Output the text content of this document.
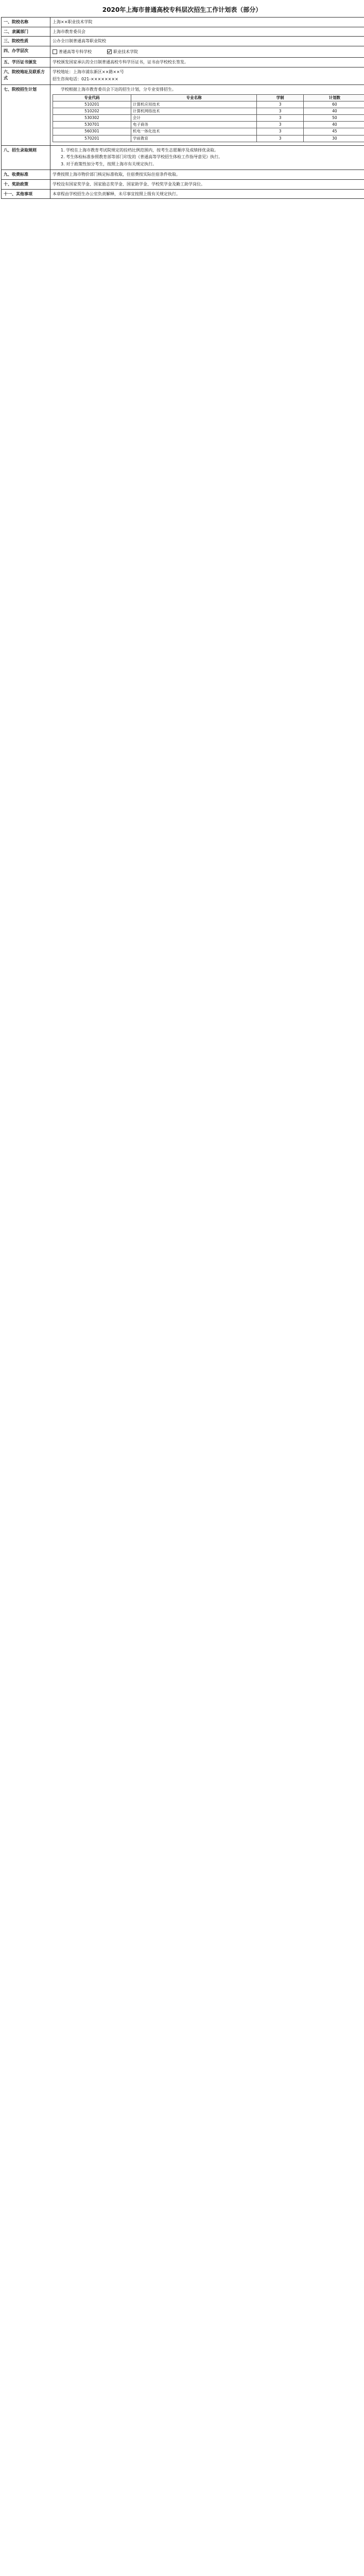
2020年上海市普通高校专科层次招生工作计划表（部分）
一、院校名称	上海××职业技术学院
二、隶属部门	上海市教育委员会
三、院校性质	公办全日制普通高等职业院校
四、办学层次	普通高等专科学校	职业技术学院

五、学历证书颁发	学校颁发国家承认的全日制普通高校专科学历证书，证书由学校校长签发。
六、院校地址及联系方式	
学校地址：上海市浦东新区××路××号
招生咨询电话：021-××××××××

七、院校招生计划	学校根据上海市教育委员会下达的招生计划，分专业安排招生。
专业代码	专业名称	学制	计划数
510201	计算机应用技术	3	60
510202	计算机网络技术	3	40
530302	会计	3	50
530701	电子商务	3	40
560301	机电一体化技术	3	45
570201	学前教育	3	30

八、招生录取规则	1. 学校在上海市教育考试院规定的投档比例范围内，按考生志愿顺序及成绩择优录取。
2. 考生体检标准参照教育部等部门印发的《普通高等学校招生体检工作指导意见》执行。
3. 对于政策性加分考生，按照上海市有关规定执行。

九、收费标准	学费按照上海市物价部门核定标准收取，住宿费按实际住宿条件收取。
十、奖助政策	学校设有国家奖学金、国家励志奖学金、国家助学金、学校奖学金及勤工助学岗位。
十一、其他事项	本章程由学校招生办公室负责解释，未尽事宜按照上级有关规定执行。
